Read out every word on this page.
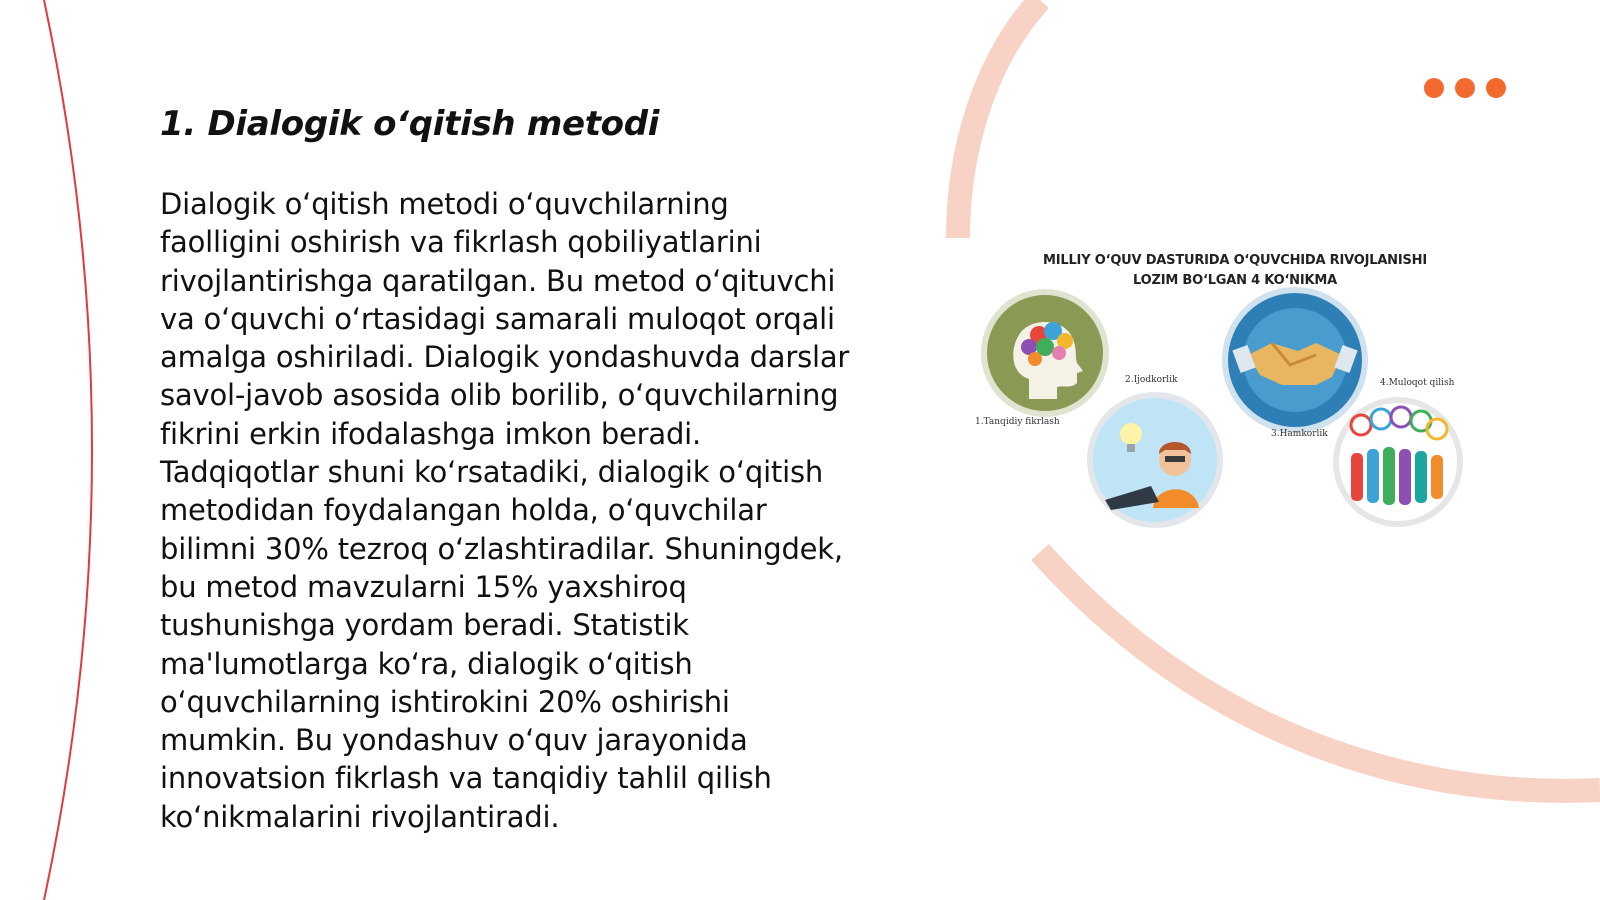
1. Dialogik o‘qitish metodi

Dialogik o‘qitish metodi o‘quvchilarning faolligini oshirish va fikrlash qobiliyatlarini rivojlantirishga qaratilgan. Bu metod o‘qituvchi va o‘quvchi o‘rtasidagi samarali muloqot orqali amalga oshiriladi. Dialogik yondashuvda darslar savol-javob asosida olib borilib, o‘quvchilarning fikrini erkin ifodalashga imkon beradi. Tadqiqotlar shuni ko‘rsatadiki, dialogik o‘qitish metodidan foydalangan holda, o‘quvchilar bilimni 30% tezroq o‘zlashtiradilar. Shuningdek, bu metod mavzularni 15% yaxshiroq tushunishga yordam beradi. Statistik ma'lumotlarga ko‘ra, dialogik o‘qitish o‘quvchilarning ishtirokini 20% oshirishi mumkin. Bu yondashuv o‘quv jarayonida innovatsion fikrlash va tanqidiy tahlil qilish ko‘nikmalarini rivojlantiradi.

MILLIY O‘QUV DASTURIDA O‘QUVCHIDA RIVOJLANISHI
LOZIM BO‘LGAN 4 KO‘NIKMA
1.Tanqidiy fikrlash
2.Ijodkorlik
3.Hamkorlik
4.Muloqot qilish
